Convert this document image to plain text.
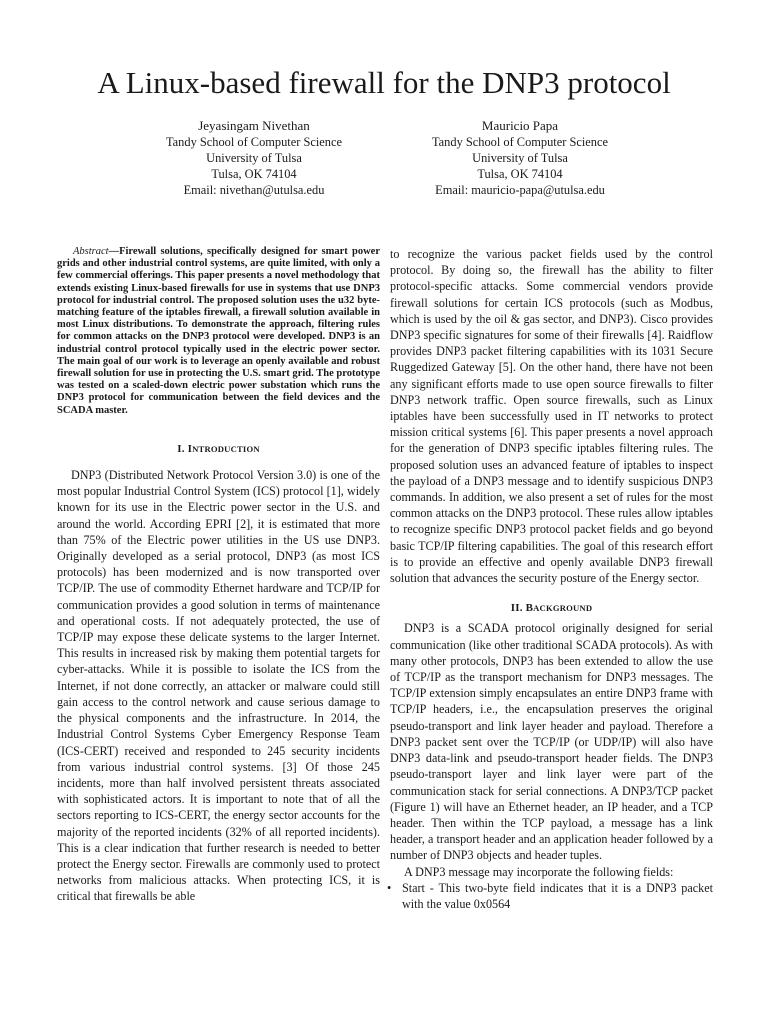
A Linux-based firewall for the DNP3 protocol
Jeyasingam Nivethan
Tandy School of Computer Science
University of Tulsa
Tulsa, OK 74104
Email: nivethan@utulsa.edu
Mauricio Papa
Tandy School of Computer Science
University of Tulsa
Tulsa, OK 74104
Email: mauricio-papa@utulsa.edu

Abstract—Firewall solutions, specifically designed for smart power grids and other industrial control systems, are quite limited, with only a few commercial offerings. This paper presents a novel methodology that extends existing Linux-based firewalls for use in systems that use DNP3 protocol for industrial control. The proposed solution uses the u32 byte-matching feature of the iptables firewall, a firewall solution available in most Linux distributions. To demonstrate the approach, filtering rules for common attacks on the DNP3 protocol were developed. DNP3 is an industrial control protocol typically used in the electric power sector. The main goal of our work is to leverage an openly available and robust firewall solution for use in protecting the U.S. smart grid. The prototype was tested on a scaled-down electric power substation which runs the DNP3 protocol for communication between the field devices and the SCADA master.

I. INTRODUCTION

DNP3 (Distributed Network Protocol Version 3.0) is one of the most popular Industrial Control System (ICS) protocol [1], widely known for its use in the Electric power sector in the U.S. and around the world. According EPRI [2], it is estimated that more than 75% of the Electric power utilities in the US use DNP3. Originally developed as a serial protocol, DNP3 (as most ICS protocols) has been modernized and is now transported over TCP/IP. The use of commodity Ethernet hardware and TCP/IP for communication provides a good solution in terms of maintenance and operational costs. If not adequately protected, the use of TCP/IP may expose these delicate systems to the larger Internet. This results in increased risk by making them potential targets for cyber-attacks. While it is possible to isolate the ICS from the Internet, if not done correctly, an attacker or malware could still gain access to the control network and cause serious damage to the physical components and the infrastructure. In 2014, the Industrial Control Systems Cyber Emergency Response Team (ICS-CERT) received and responded to 245 security incidents from various industrial control systems. [3] Of those 245 incidents, more than half involved persistent threats associated with sophisticated actors. It is important to note that of all the sectors reporting to ICS-CERT, the energy sector accounts for the majority of the reported incidents (32% of all reported incidents). This is a clear indication that further research is needed to better protect the Energy sector. Firewalls are commonly used to protect networks from malicious attacks. When protecting ICS, it is critical that firewalls be able

to recognize the various packet fields used by the control protocol. By doing so, the firewall has the ability to filter protocol-specific attacks. Some commercial vendors provide firewall solutions for certain ICS protocols (such as Modbus, which is used by the oil & gas sector, and DNP3). Cisco provides DNP3 specific signatures for some of their firewalls [4]. Raidflow provides DNP3 packet filtering capabilities with its 1031 Secure Ruggedized Gateway [5]. On the other hand, there have not been any significant efforts made to use open source firewalls to filter DNP3 network traffic. Open source firewalls, such as Linux iptables have been successfully used in IT networks to protect mission critical systems [6]. This paper presents a novel approach for the generation of DNP3 specific iptables filtering rules. The proposed solution uses an advanced feature of iptables to inspect the payload of a DNP3 message and to identify suspicious DNP3 commands. In addition, we also present a set of rules for the most common attacks on the DNP3 protocol. These rules allow iptables to recognize specific DNP3 protocol packet fields and go beyond basic TCP/IP filtering capabilities. The goal of this research effort is to provide an effective and openly available DNP3 firewall solution that advances the security posture of the Energy sector.

II. BACKGROUND

DNP3 is a SCADA protocol originally designed for serial communication (like other traditional SCADA protocols). As with many other protocols, DNP3 has been extended to allow the use of TCP/IP as the transport mechanism for DNP3 messages. The TCP/IP extension simply encapsulates an entire DNP3 frame with TCP/IP headers, i.e., the encapsulation preserves the original pseudo-transport and link layer header and payload. Therefore a DNP3 packet sent over the TCP/IP (or UDP/IP) will also have DNP3 data-link and pseudo-transport header fields. The DNP3 pseudo-transport layer and link layer were part of the communication stack for serial connections. A DNP3/TCP packet (Figure 1) will have an Ethernet header, an IP header, and a TCP header. Then within the TCP payload, a message has a link header, a transport header and an application header followed by a number of DNP3 objects and header tuples.

A DNP3 message may incorporate the following fields:

• Start - This two-byte field indicates that it is a DNP3 packet with the value 0x0564
